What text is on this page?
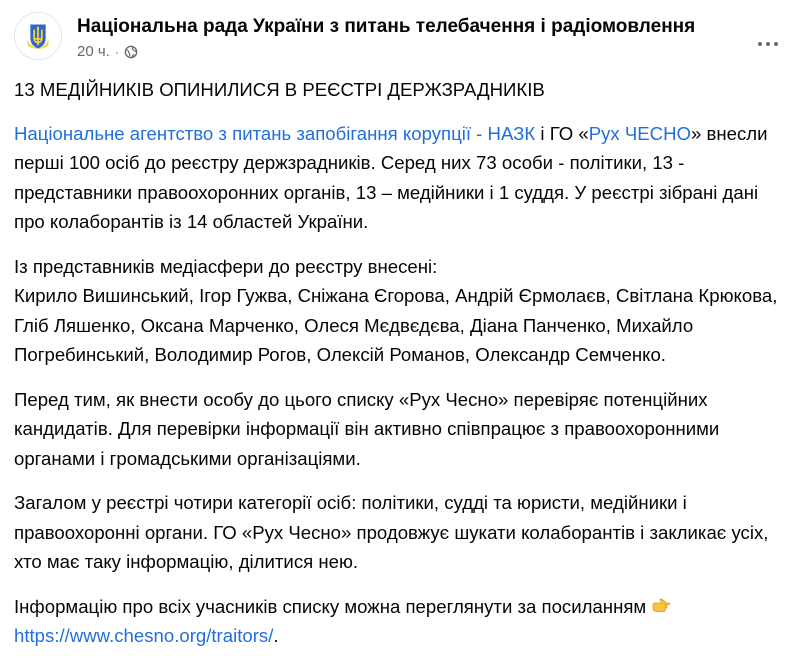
Національна рада України з питань телебачення і радіомовлення
20 ч. ·

13 МЕДІЙНИКІВ ОПИНИЛИСЯ В РЕЄСТРІ ДЕРЖЗРАДНИКІВ

Національне агентство з питань запобігання корупції - НАЗК і ГО «Рух ЧЕСНО» внесли перші 100 осіб до реєстру держзрадників. Серед них 73 особи - політики, 13 - представники правоохоронних органів, 13 – медійники і 1 суддя. У реєстрі зібрані дані про колаборантів із 14 областей України.

Із представників медіасфери до реєстру внесені:
Кирило Вишинський, Ігор Гужва, Сніжана Єгорова, Андрій Єрмолаєв, Світлана Крюкова, Гліб Ляшенко, Оксана Марченко, Олеся Мєдвєдєва, Діана Панченко, Михайло Погребинський, Володимир Рогов, Олексій Романов, Олександр Семченко.

Перед тим, як внести особу до цього списку «Рух Чесно» перевіряє потенційних кандидатів. Для перевірки інформації він активно співпрацює з правоохоронними органами і громадськими організаціями.

Загалом у реєстрі чотири категорії осіб: політики, судді та юристи, медійники і правоохоронні органи. ГО «Рух Чесно» продовжує шукати колаборантів і закликає усіх, хто має таку інформацію, ділитися нею.

Інформацію про всіх учасників списку можна переглянути за посиланням
https://www.chesno.org/traitors/.
